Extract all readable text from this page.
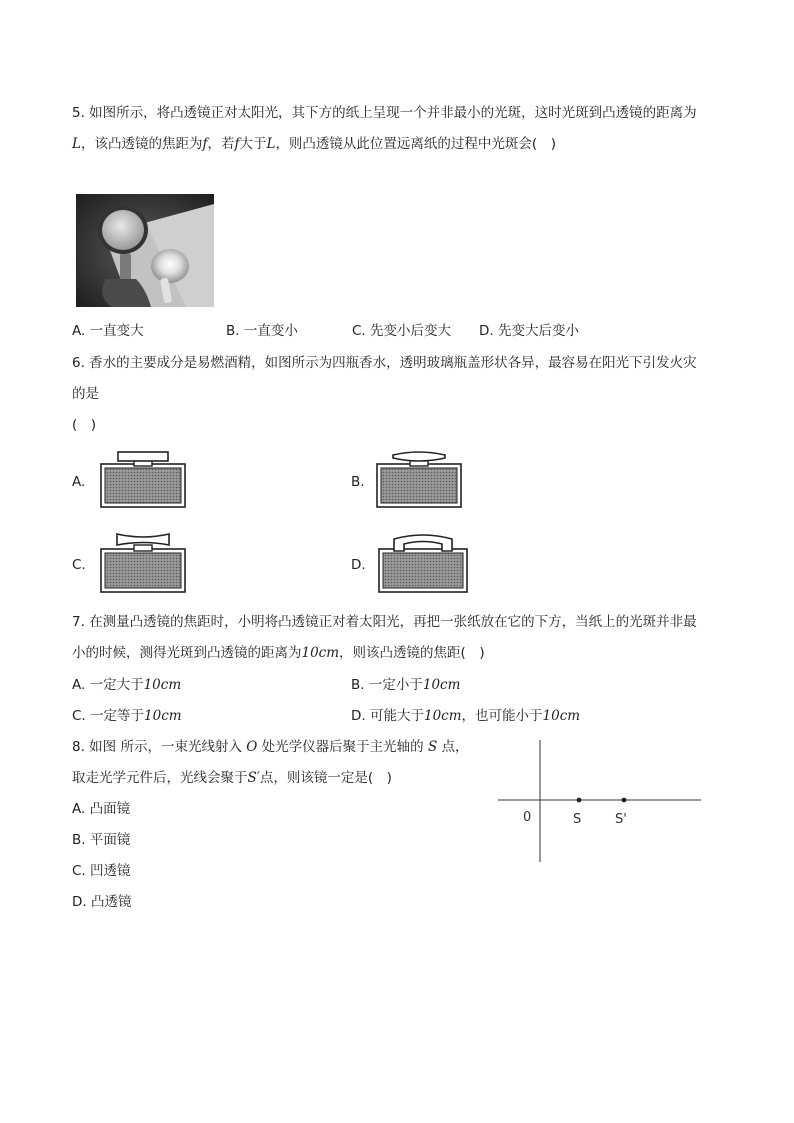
5. 如图所示，将凸透镜正对太阳光，其下方的纸上呈现一个并非最小的光斑，这时光斑到凸透镜的距离为
L，该凸透镜的焦距为f，若f大于L，则凸透镜从此位置远离纸的过程中光斑会(　)
A. 一直变大	B. 一直变小	C. 先变小后变大 D. 先变大后变小
6. 香水的主要成分是易燃酒精，如图所示为四瓶香水，透明玻璃瓶盖形状各异，最容易在阳光下引发火灾
的是
(　)
A.	B.
C.	D.
7. 在测量凸透镜的焦距时，小明将凸透镜正对着太阳光，再把一张纸放在它的下方，当纸上的光斑并非最
小的时候，测得光斑到凸透镜的距离为10cm，则该凸透镜的焦距(　)
A. 一定大于10cm	B. 一定小于10cm
C. 一定等于10cm	D. 可能大于10cm，也可能小于10cm
8. 如图 所示，一束光线射入 O 处光学仪器后聚于主光轴的 S 点，
取走光学元件后，光线会聚于S′点，则该镜一定是(　)
A. 凸面镜
B. 平面镜
C. 凹透镜
D. 凸透镜
0	S	S'
